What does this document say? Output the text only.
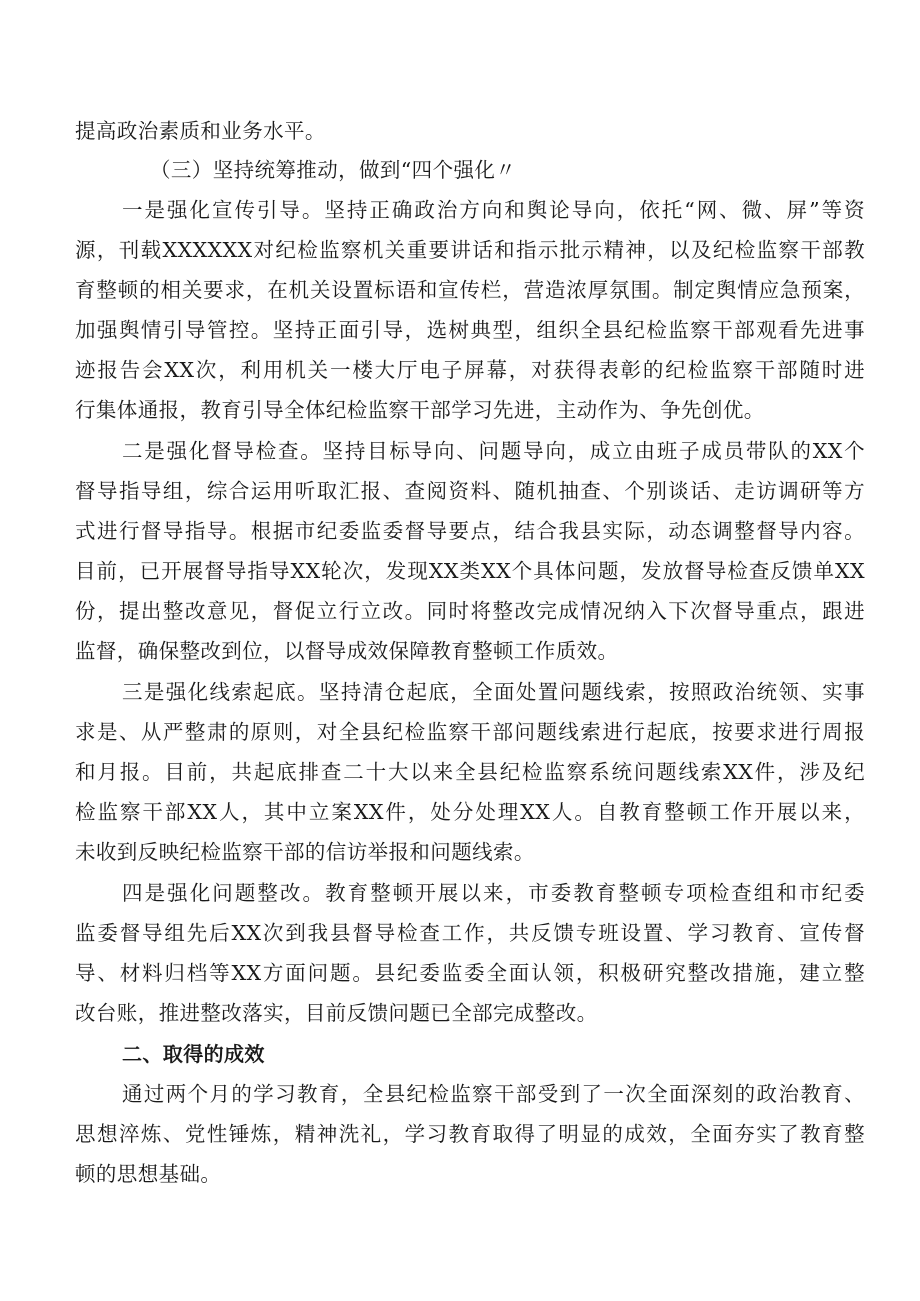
提高政治素质和业务水平。
（三）坚持统筹推动，做到“四个强化〃
一是强化宣传引导。坚持正确政治方向和舆论导向，依托“网、微、屏”等资
源，刊载XXXXXX对纪检监察机关重要讲话和指示批示精神，以及纪检监察干部教
育整顿的相关要求，在机关设置标语和宣传栏，营造浓厚氛围。制定舆情应急预案，
加强舆情引导管控。坚持正面引导，选树典型，组织全县纪检监察干部观看先进事
迹报告会XX次，利用机关一楼大厅电子屏幕，对获得表彰的纪检监察干部随时进
行集体通报，教育引导全体纪检监察干部学习先进，主动作为、争先创优。
二是强化督导检查。坚持目标导向、问题导向，成立由班子成员带队的XX个
督导指导组，综合运用听取汇报、查阅资料、随机抽查、个别谈话、走访调研等方
式进行督导指导。根据市纪委监委督导要点，结合我县实际，动态调整督导内容。
目前，已开展督导指导XX轮次，发现XX类XX个具体问题，发放督导检查反馈单XX
份，提出整改意见，督促立行立改。同时将整改完成情况纳入下次督导重点，跟进
监督，确保整改到位，以督导成效保障教育整顿工作质效。
三是强化线索起底。坚持清仓起底，全面处置问题线索，按照政治统领、实事
求是、从严整肃的原则，对全县纪检监察干部问题线索进行起底，按要求进行周报
和月报。目前，共起底排查二十大以来全县纪检监察系统问题线索XX件，涉及纪
检监察干部XX人，其中立案XX件，处分处理XX人。自教育整顿工作开展以来，
未收到反映纪检监察干部的信访举报和问题线索。
四是强化问题整改。教育整顿开展以来，市委教育整顿专项检查组和市纪委
监委督导组先后XX次到我县督导检查工作，共反馈专班设置、学习教育、宣传督
导、材料归档等XX方面问题。县纪委监委全面认领，积极研究整改措施，建立整
改台账，推进整改落实，目前反馈问题已全部完成整改。
二、取得的成效
通过两个月的学习教育，全县纪检监察干部受到了一次全面深刻的政治教育、
思想淬炼、党性锤炼，精神洗礼，学习教育取得了明显的成效，全面夯实了教育整
顿的思想基础。
